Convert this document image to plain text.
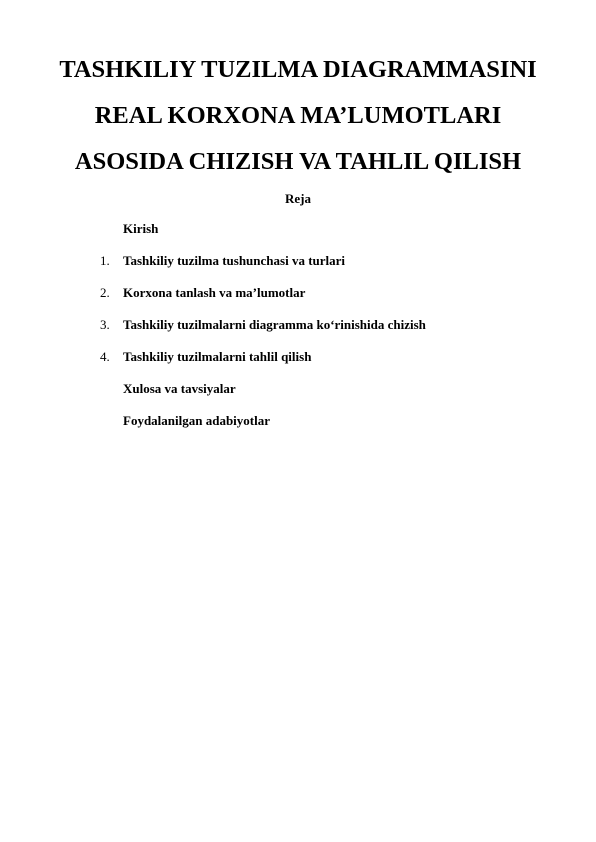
TASHKILIY TUZILMA DIAGRAMMASINI
REAL KORXONA MA’LUMOTLARI
ASOSIDA CHIZISH VA TAHLIL QILISH
Reja
Kirish
1. Tashkiliy tuzilma tushunchasi va turlari
2. Korxona tanlash va ma’lumotlar
3. Tashkiliy tuzilmalarni diagramma ko‘rinishida chizish
4. Tashkiliy tuzilmalarni tahlil qilish
Xulosa va tavsiyalar
Foydalanilgan adabiyotlar
